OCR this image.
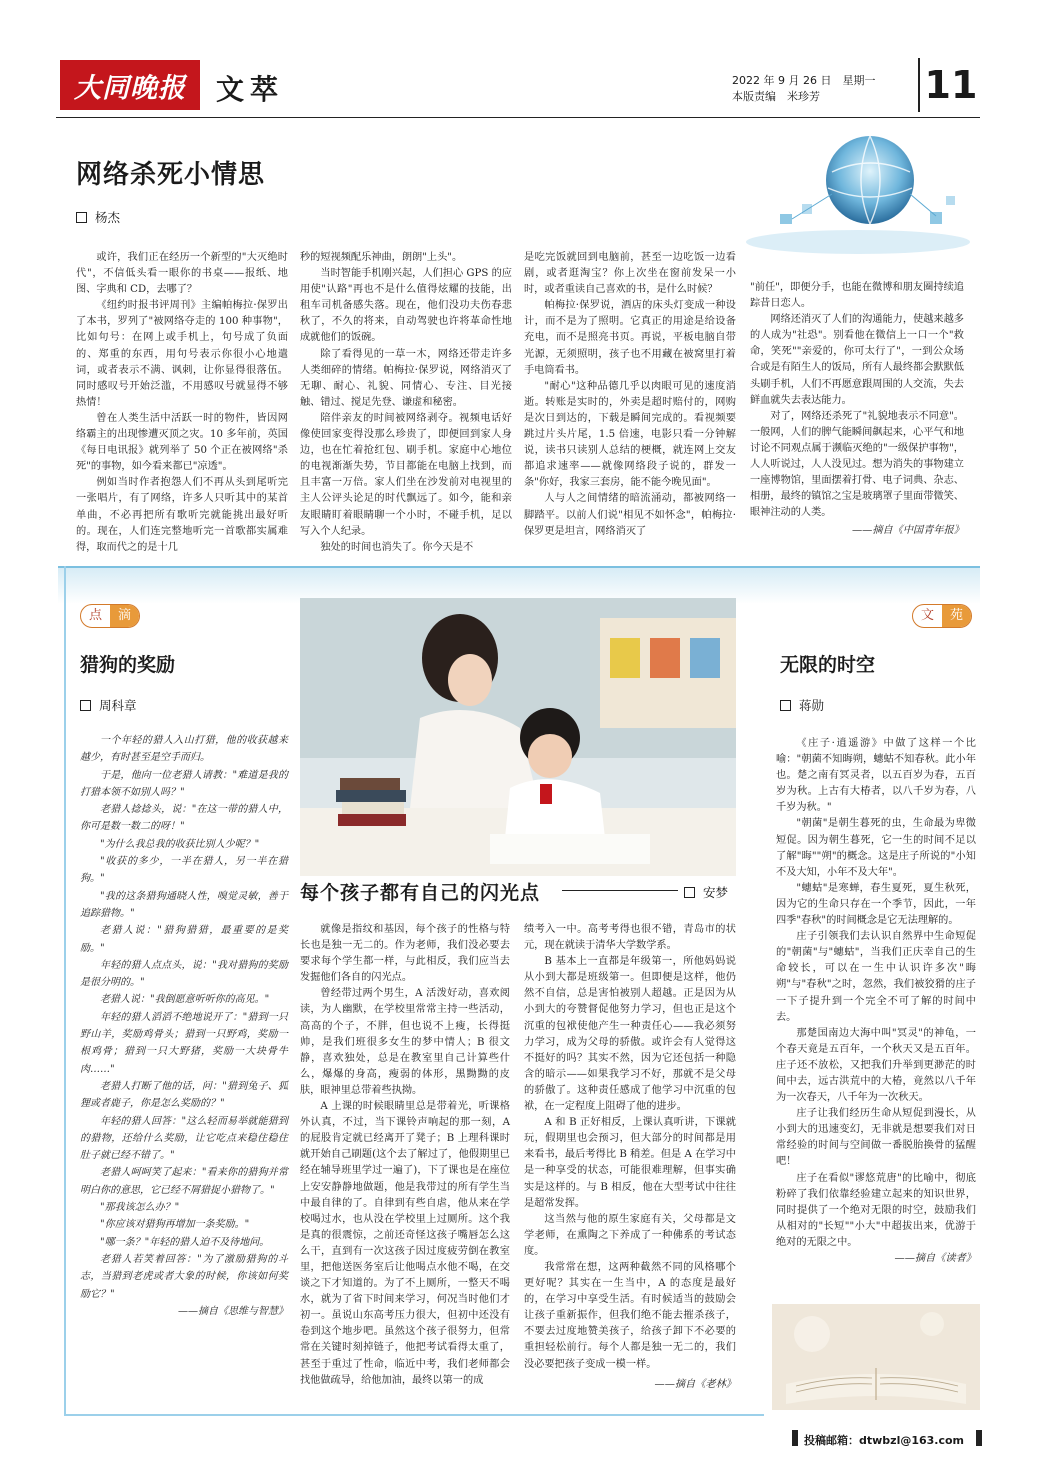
大同晚报 文萃	2022 年 9 月 26 日　星期一
本版责编　米珍芳	11
网络杀死小情思
杨杰

或许，我们正在经历一个新型的"大灭绝时代"，不信低头看一眼你的书桌——报纸、地图、字典和 CD，去哪了？

《纽约时报书评周刊》主编帕梅拉·保罗出了本书，罗列了"被网络夺走的 100 种事物"，比如句号：在网上或手机上，句号成了负面的、郑重的东西，用句号表示你很小心地遣词，或者表示不满、讽刺，让你显得很落伍。同时感叹号开始泛滥，不用感叹号就显得不够热情！

曾在人类生活中活跃一时的物件，皆因网络霸主的出现惨遭灭顶之灾。10 多年前，英国《每日电讯报》就列举了 50 个正在被网络"杀死"的事物，如今看来都已"凉透"。

例如当时作者抱怨人们不再从头到尾听完一张唱片，有了网络，许多人只听其中的某首单曲，不必再把所有歌听完就能挑出最好听的。现在，人们连完整地听完一首歌都实属难得，取而代之的是十几

秒的短视频配乐神曲，朗朗"上头"。

当时智能手机刚兴起，人们担心 GPS 的应用使"认路"再也不是什么值得炫耀的技能，出租车司机备感失落。现在，他们没功夫伤春悲秋了，不久的将来，自动驾驶也许将革命性地成就他们的饭碗。

除了看得见的一草一木，网络还带走许多人类细碎的情绪。帕梅拉·保罗说，网络消灭了无聊、耐心、礼貌、同情心、专注、目光接触、错过、搅足先登、谦虚和秘密。

陪伴亲友的时间被网络剥夺。视频电话好像使回家变得没那么珍贵了，即便回到家人身边，也在忙着抢红包、刷手机。家庭中心地位的电视渐渐失势，节目都能在电脑上找到，而且丰富一万倍。家人们坐在沙发前对电视里的主人公评头论足的时代飘远了。如今，能和亲友眼睛盯着眼睛聊一个小时，不碰手机，足以写入个人纪录。

独处的时间也消失了。你今天是不

是吃完饭就回到电脑前，甚至一边吃饭一边看剧，或者逛淘宝？你上次坐在窗前发呆一小时，或者重读自己喜欢的书，是什么时候？

帕梅拉·保罗说，酒店的床头灯变成一种设计，而不是为了照明。它真正的用途是给设备充电，而不是照亮书页。再说，平板电脑自带光源，无须照明，孩子也不用藏在被窝里打着手电筒看书。

"耐心"这种品德几乎以肉眼可见的速度消逝。转账是实时的，外卖是超时赔付的，网购是次日到达的，下载是瞬间完成的。看视频要跳过片头片尾，1.5 倍速，电影只看一分钟解说，读书只读别人总结的梗概，就连网上交友都追求速率——就像网络段子说的，群发一条"你好，我家三套房，能不能今晚见面"。

人与人之间情绪的暗流涌动，都被网络一脚踏平。以前人们说"相见不如怀念"，帕梅拉·保罗更是坦言，网络消灭了

"前任"，即便分手，也能在微博和朋友圈持续追踪昔日恋人。

网络还消灭了人们的沟通能力，使越来越多的人成为"社恐"。别看他在微信上一口一个"救命，笑死""亲爱的，你可太行了"，一到公众场合或是有陌生人的饭局，所有人最终都会默默低头刷手机，人们不再愿意跟周围的人交流，失去鲜血就失去表达能力。

对了，网络还杀死了"礼貌地表示不同意"。一般网，人们的脾气能瞬间飙起来，心平气和地讨论不同观点属于濒临灭绝的"一级保护事物"，人人听说过，人人没见过。想为消失的事物建立一座博物馆，里面摆着打骨、电子词典、杂志、相册，最终的镇馆之宝是玻璃罩子里面带微笑、眼神注动的人类。

——摘自《中国青年报》
点	滴
猎狗的奖励
周科章

一个年轻的猎人入山打猎，他的收获越来越少，有时甚至是空手而归。

于是，他向一位老猎人请教："难道是我的打猎本领不如别人吗？"

老猎人捻捻头，说："在这一带的猎人中，你可是数一数二的呀！"

"为什么我总我的收获比别人少呢？"

"收获的多少，一半在猎人，另一半在猎狗。"

"我的这条猎狗通晓人性，嗅觉灵敏，善于追踪猎物。"

老猎人说："猎狗猎猎，最重要的是奖励。"

年轻的猎人点点头，说："我对猎狗的奖励是很分明的。"

老猎人说："我倒愿意听听你的高见。"

年轻的猎人滔滔不绝地说开了："猎到一只野山羊，奖励鸡骨头；猎到一只野鸡，奖励一根鸡骨；猎到一只大野猪，奖励一大块骨牛肉……"

老猎人打断了他的话，问："猎到兔子、狐狸或者鹿子，你是怎么奖励的？"

年轻的猎人回答："这么轻而易举就能猎到的猎物，还给什么奖励，让它吃点来稳住稳住肚子就已经不错了。"

老猎人呵呵笑了起来："看来你的猎狗并常明白你的意思，它已经不屑猎捉小猎物了。"

"那我该怎么办？"

"你应该对猎狗再增加一条奖励。"

"哪一条？"年轻的猎人迫不及待地问。

老猎人若笑着回答："为了激励猎狗的斗志，当猎到老虎或者大象的时候，你该如何奖励它？"

——摘自《思维与智慧》
每个孩子都有自己的闪光点	安梦

就像是指纹和基因，每个孩子的性格与特长也是独一无二的。作为老师，我们没必要去要求每个学生都一样，与此相反，我们应当去发掘他们各自的闪光点。

曾经带过两个男生，A 活泼好动，喜欢阅读，为人幽默，在学校里常常主持一些活动，高高的个子，不胖，但也说不上瘦，长得挺帅，是我们班很多女生的梦中情人；B 很文静，喜欢独处，总是在教室里自己计算些什么，爆爆的身高，瘦弱的体形，黑黝黝的皮肤，眼神里总带着些执拗。

A 上课的时候眼睛里总是带着光，听课格外认真，不过，当下课铃声响起的那一刻，A 的屁股肯定就已经离开了凳子；B 上理科课时就开始自己刷题(这个去了解过了，他假期里已经在辅导班里学过一遍了)，下了课也是在座位上安安静静地做题，他是我带过的所有学生当中最自律的了。自律到有些自虐，他从来在学校喝过水，也从没在学校里上过厕所。这个我是真的很震惊，之前还奇怪这孩子嘴唇怎么这么干，直到有一次这孩子因过度疲劳倒在教室里，把他送医务室后让他喝点水他不喝，在交谈之下才知道的。为了不上厕所，一整天不喝水，就为了省下时间来学习，何况当时他们才初一。虽说山东高考压力很大，但初中还没有卷到这个地步吧。虽然这个孩子很努力，但常常在关键时刻掉链子，他把考试看得太重了，甚至于重过了性命，临近中考，我们老师都会找他做疏导，给他加油，最终以第一的成

绩考入一中。高考考得也很不错，青岛市的状元，现在就读于清华大学数学系。

B 基本上一直都是年级第一，所他妈妈说从小到大都是班级第一。但即便是这样，他仍然不自信，总是害怕被别人超越。正是因为从小到大的夸赞督促他努力学习，但也正是这个沉重的包袱使他产生一种责任心——我必须努力学习，成为父母的骄傲。或许会有人觉得这不挺好的吗？其实不然，因为它还包括一种隐含的暗示——如果我学习不好，那就不是父母的骄傲了。这种责任感成了他学习中沉重的包袱，在一定程度上阻碍了他的进步。

A 和 B 正好相反，上课认真听讲，下课就玩，假期里也会预习，但大部分的时间都是用来看书，最后考得比 B 稍差。但是 A 在学习中是一种享受的状态，可能很难理解，但事实确实是这样的。与 B 相反，他在大型考试中往往是超常发挥。

这当然与他的原生家庭有关，父母都是文学老师，在熏陶之下养成了一种佛系的考试态度。

我常常在想，这两种截然不同的风格哪个更好呢？其实在一生当中，A 的态度是最好的，在学习中享受生活。有时候适当的鼓励会让孩子重新振作，但我们绝不能去摧杀孩子，不要去过度地赞美孩子，给孩子卸下不必要的重担轻松前行。每个人都是独一无二的，我们没必要把孩子变成一模一样。

——摘自《老林》
文	苑
无限的时空
蒋勋

《庄子·逍遥游》中做了这样一个比喻："朝菌不知晦朔，蟪蛄不知春秋。此小年也。楚之南有冥灵者，以五百岁为春，五百岁为秋。上古有大椿者，以八千岁为春，八千岁为秋。"

"朝菌"是朝生暮死的虫，生命最为卑微短促。因为朝生暮死，它一生的时间不足以了解"晦""朔"的概念。这是庄子所说的"小知不及大知，小年不及大年"。

"蟪蛄"是寒蝉，春生夏死，夏生秋死，因为它的生命只存在一个季节，因此，一年四季"春秋"的时间概念是它无法理解的。

庄子引领我们去认识自然界中生命短促的"朝菌"与"蟪蛄"，当我们正庆幸自己的生命较长，可以在一生中认识许多次"晦朔"与"春秋"之时，忽然，我们被狡猾的庄子一下子提升到一个完全不可了解的时间中去。

那楚国南边大海中叫"冥灵"的神龟，一个春天竟是五百年，一个秋天又是五百年。庄子还不放松，又把我们升举到更渺茫的时间中去，远古洪荒中的大椿，竟然以八千年为一次春天，八千年为一次秋天。

庄子让我们经历生命从短促到漫长，从小到大的迅速变幻，无非就是想要我们对日常经验的时间与空间做一番脱胎换骨的猛醒吧！

庄子在看似"谬悠荒唐"的比喻中，彻底粉碎了我们依靠经验建立起来的知识世界，同时提供了一个绝对无限的时空，鼓励我们从相对的"长短""小大"中超拔出来，优游于绝对的无限之中。

——摘自《读者》
投稿邮箱：dtwbzl@163.com
